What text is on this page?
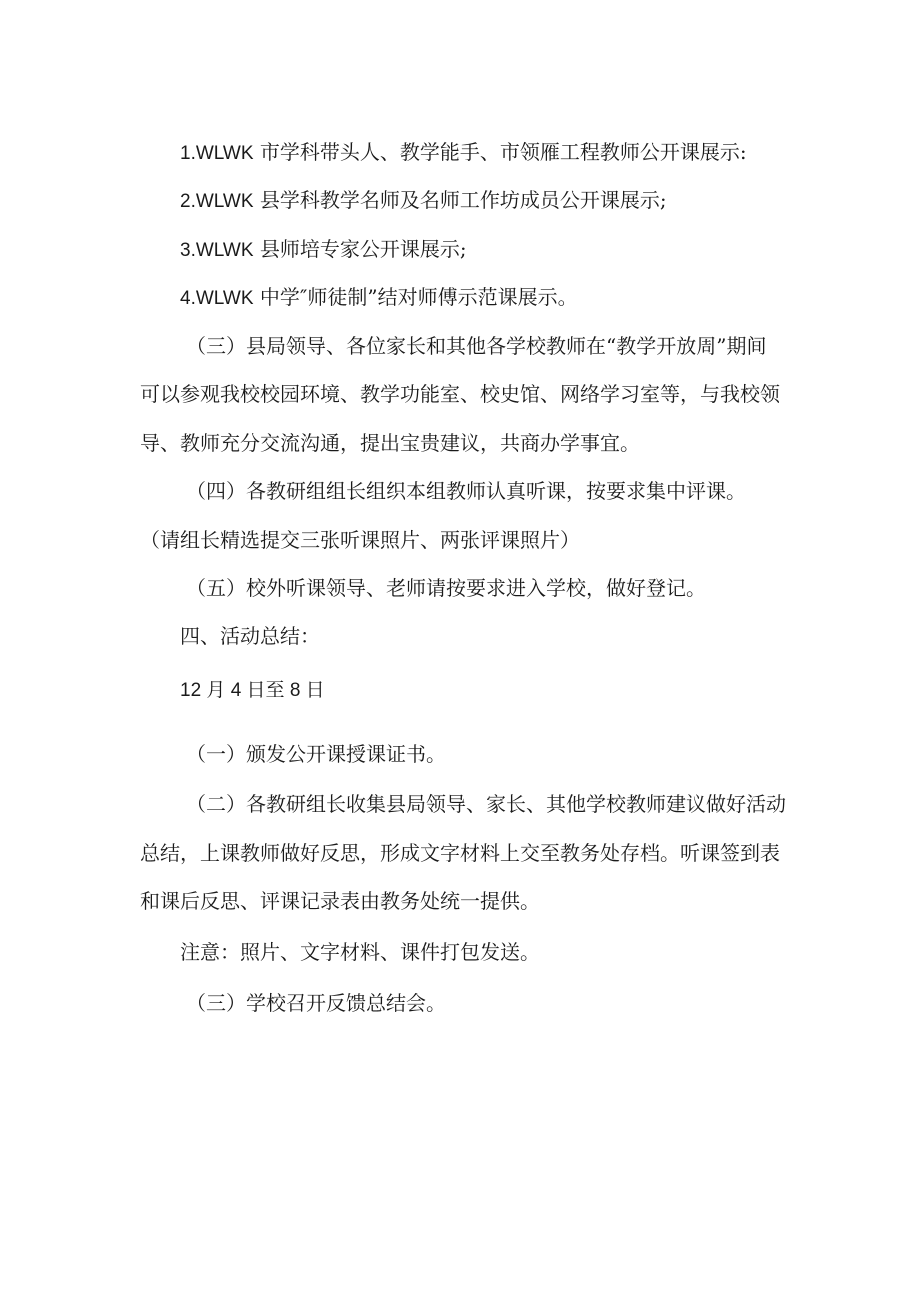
1.WLWK 市学科带头人、教学能手、市领雁工程教师公开课展示:

2.WLWK 县学科教学名师及名师工作坊成员公开课展示;

3.WLWK 县师培专家公开课展示;

4.WLWK 中学″师徒制”结对师傅示范课展示。

（三）县局领导、各位家长和其他各学校教师在“教学开放周”期间

可以参观我校校园环境、教学功能室、校史馆、网络学习室等，与我校领

导、教师充分交流沟通，提出宝贵建议，共商办学事宜。

（四）各教研组组长组织本组教师认真听课，按要求集中评课。

（请组长精选提交三张听课照片、两张评课照片）

（五）校外听课领导、老师请按要求进入学校，做好登记。

四、活动总结：

12 月 4 日至 8 日

（一）颁发公开课授课证书。

（二）各教研组长收集县局领导、家长、其他学校教师建议做好活动

总结，上课教师做好反思，形成文字材料上交至教务处存档。听课签到表

和课后反思、评课记录表由教务处统一提供。

注意：照片、文字材料、课件打包发送。

（三）学校召开反馈总结会。
